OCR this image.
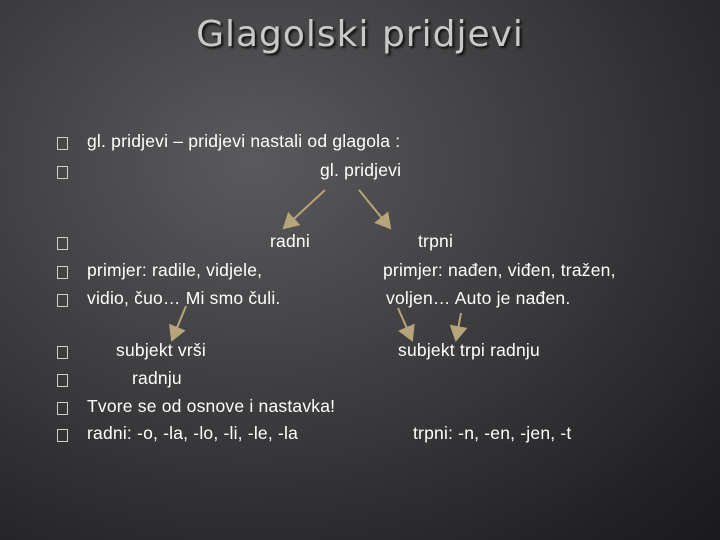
Glagolski pridjevi
gl. pridjevi – pridjevi nastali od glagola :
gl. pridjevi
radni
primjer: radile, vidjele,
vidio, čuo… Mi smo čuli.
trpni
primjer: nađen, viđen, tražen,
voljen… Auto je nađen.
subjekt vrši
radnju
Tvore se od osnove i nastavka!
radni: -o, -la, -lo, -li, -le, -la
subjekt trpi radnju
trpni: -n, -en, -jen, -t
